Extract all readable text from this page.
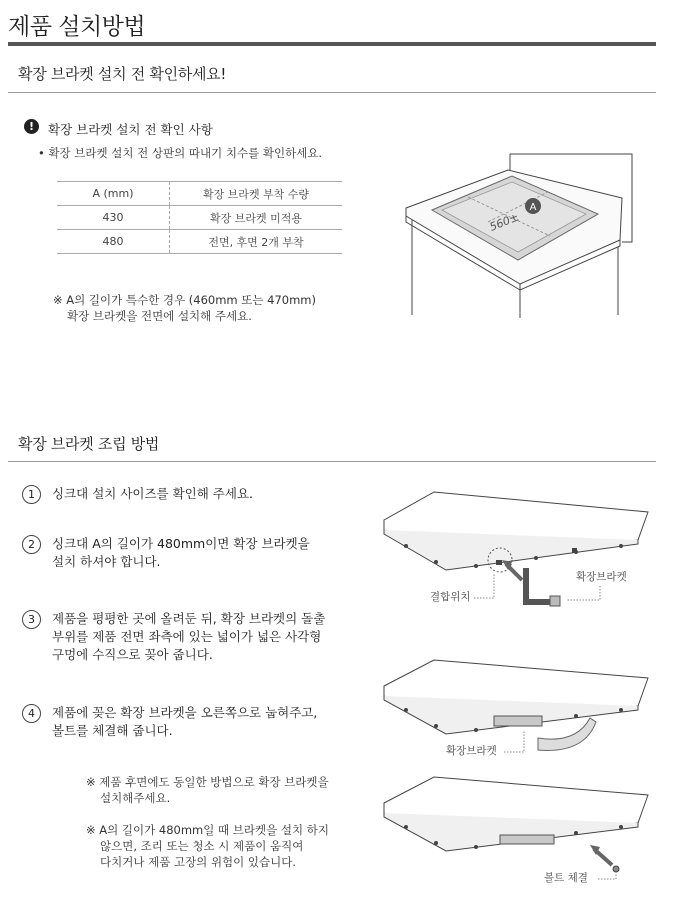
제품 설치방법
확장 브라켓 설치 전 확인하세요!
!	확장 브라켓 설치 전 확인 사항
• 확장 브라켓 설치 전 상판의 따내기 치수를 확인하세요.
A (mm)	확장 브라켓 부착 수량
430	확장 브라켓 미적용
480	전면, 후면 2개 부착
※ A의 길이가 특수한 경우 (460mm 또는 470mm)
확장 브라켓을 전면에 설치해 주세요.
560±
A
확장 브라켓 조립 방법
1	싱크대 설치 사이즈를 확인해 주세요.
2	싱크대 A의 길이가 480mm이면 확장 브라켓을
설치 하셔야 합니다.
3	제품을 평평한 곳에 올려둔 뒤, 확장 브라켓의 돌출
부위를 제품 전면 좌측에 있는 넓이가 넓은 사각형
구멍에 수직으로 꽂아 줍니다.
4	제품에 꽂은 확장 브라켓을 오른쪽으로 눕혀주고,
볼트를 체결해 줍니다.
※ 제품 후면에도 동일한 방법으로 확장 브라켓을
설치해주세요.
※ A의 길이가 480mm일 때 브라켓을 설치 하지
않으면, 조리 또는 청소 시 제품이 움직여
다치거나 제품 고장의 위험이 있습니다.
결합위치
확장브라켓
확장브라켓
볼트 체결
